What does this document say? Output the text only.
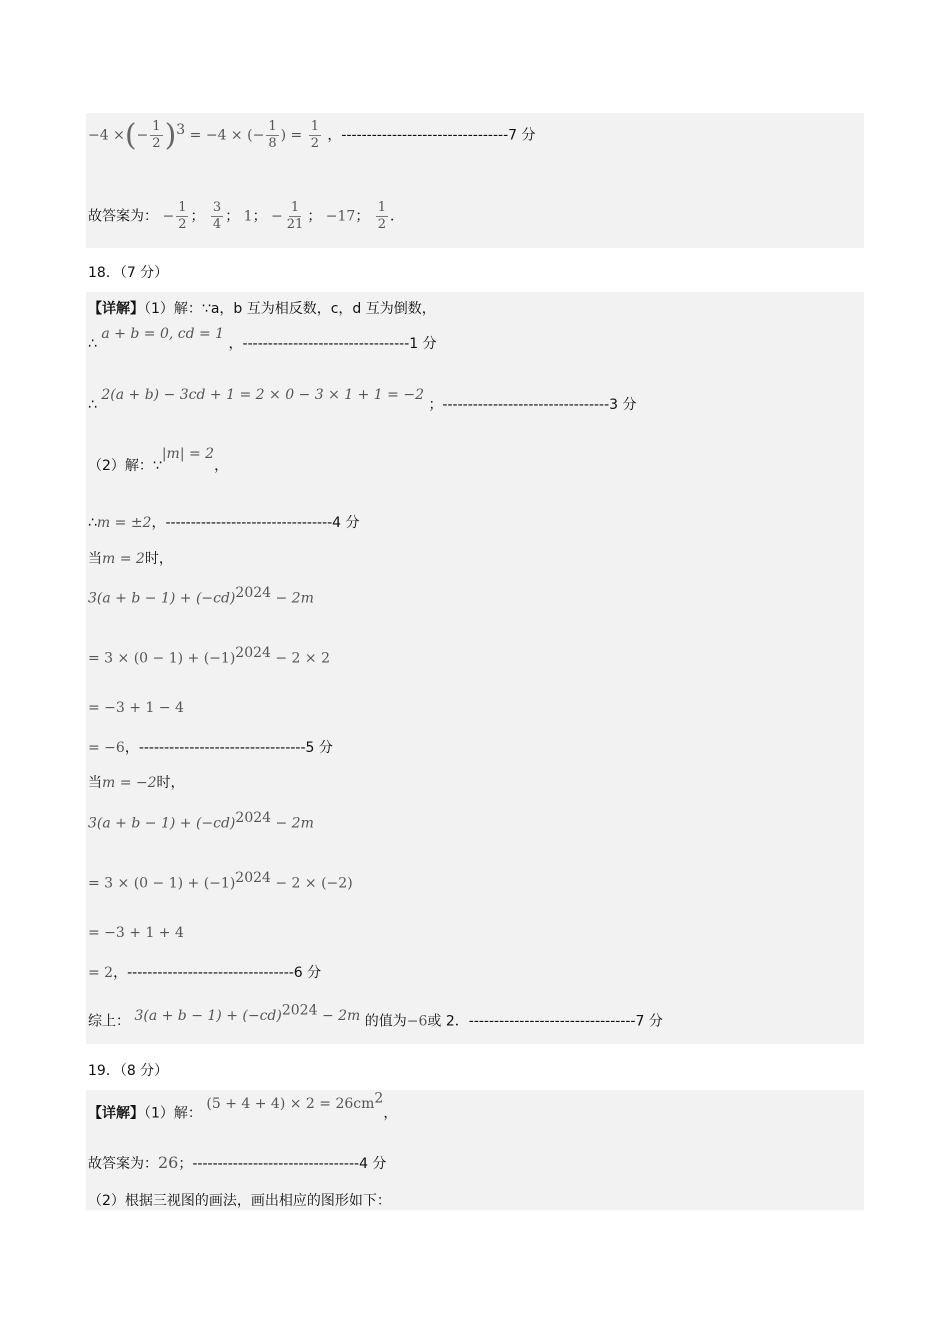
−4 ×(− $\frac{1}{2} )^3 = -4$ × (− $\frac{1}{8}$ ) = $\frac{1}{2}$ ，---------------------------------7 分
故答案为： − $\frac{1}{2}$ ； $\frac{3}{4}$ ； 1； − $\frac{1}{21}$ ； −17； $\frac{1}{2}$ ．
18．（7 分）
【详解】（1）解：∵a，b 互为相反数，c，d 互为倒数，
∴ a + b = 0, cd = 1 ，---------------------------------1 分
∴ 2(a + b) − 3cd + 1 = 2 × 0 − 3 × 1 + 1 = −2 ；---------------------------------3 分
（2）解：∵|m| = 2，
∴m = ±2，---------------------------------4 分
当m = 2时，
$3(a + b - 1) + (-cd)^{2024} - 2m$
= $3 \times (0 - 1) + (-1)^{2024} - 2 \times 2$
= −3 + 1 − 4
= −6，---------------------------------5 分
当m = −2时，
$3(a + b - 1) + (-cd)^{2024} - 2m$
= $3 \times (0 - 1) + (-1)^{2024} - 2 \times (-2)$
= −3 + 1 + 4
= 2，---------------------------------6 分
综上： $3(a + b - 1) + (-cd)^{2024} - 2m$ 的值为−6或 2．---------------------------------7 分
19．（8 分）
【详解】（1）解： $(5 + 4 + 4) \times 2 = 26cm^2$，
故答案为：26；---------------------------------4 分
（2）根据三视图的画法，画出相应的图形如下：
